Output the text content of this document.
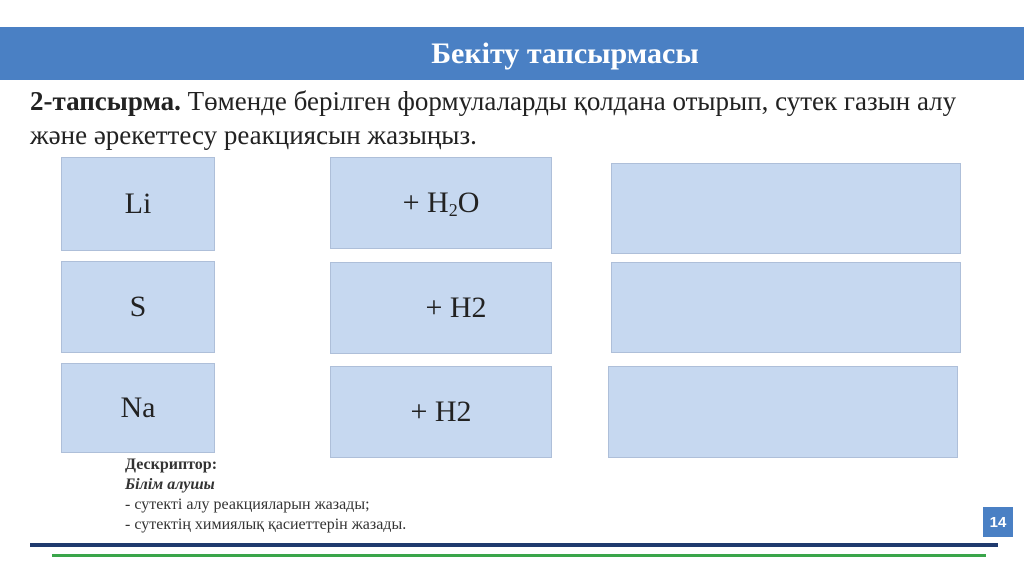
Бекіту тапсырмасы
2-тапсырма. Төменде берілген формулаларды қолдана отырып, сутек газын алу және әрекеттесу реакциясын жазыңыз.
Li
S
Na
+ $H_2O$
+ H2
+ H2
Дескриптор:
Білім алушы
- сутекті алу реакцияларын жазады;
- сутектің химиялық қасиеттерін жазады.	14
